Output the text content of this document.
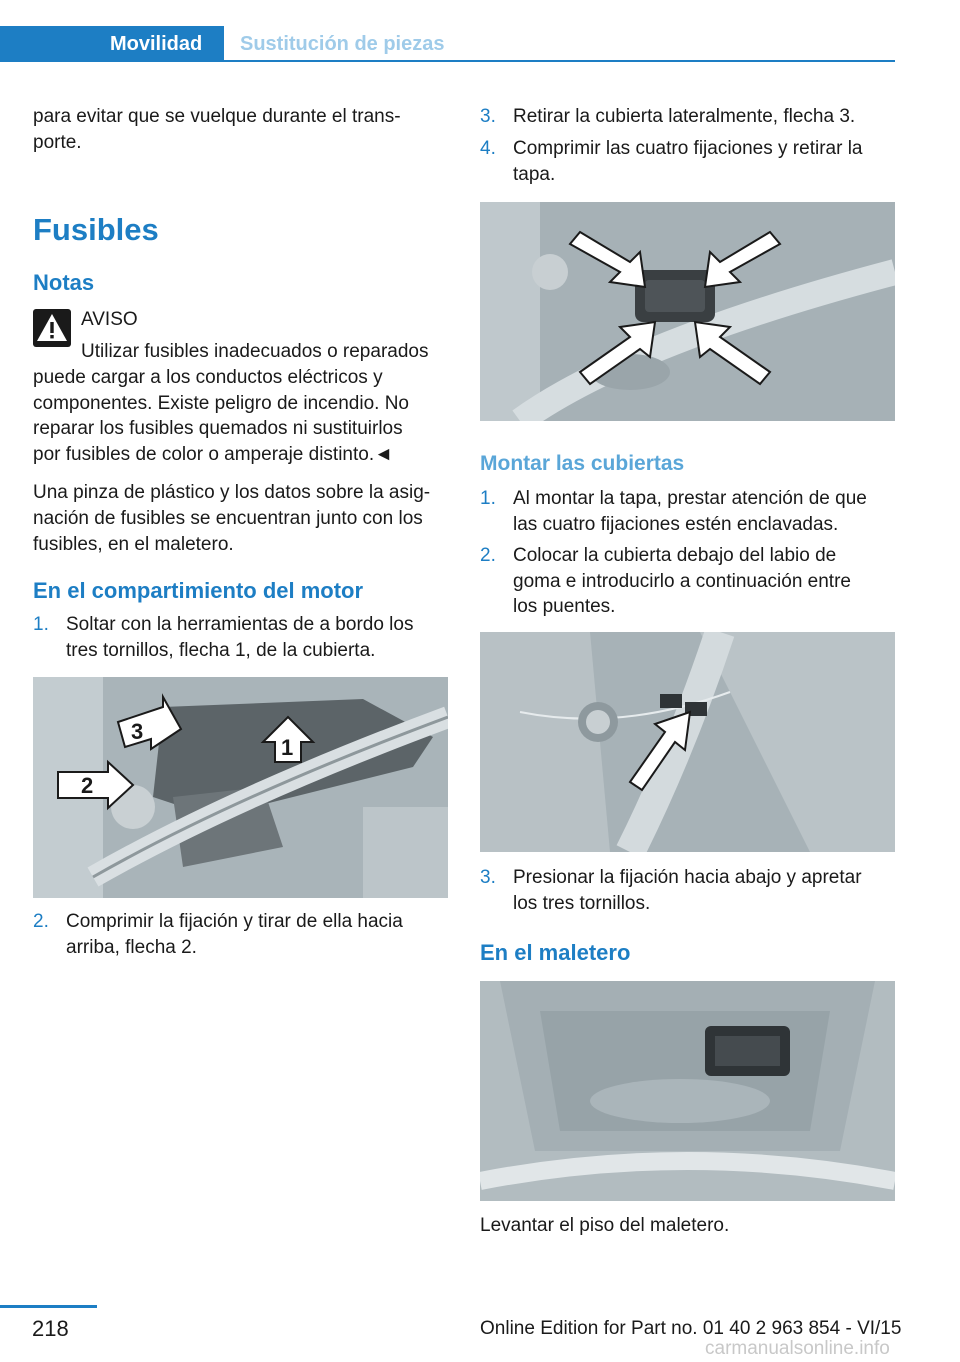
Movilidad Sustitución de piezas
para evitar que se vuelque durante el trans-
porte.
Fusibles
Notas
AVISO
Utilizar fusibles inadecuados o reparados
puede cargar a los conductos eléctricos y
componentes. Existe peligro de incendio. No
reparar los fusibles quemados ni sustituirlos
por fusibles de color o amperaje distinto.◄
Una pinza de plástico y los datos sobre la asig-
nación de fusibles se encuentran junto con los
fusibles, en el maletero.
En el compartimiento del motor
1. Soltar con la herramientas de a bordo los
tres tornillos, flecha 1, de la cubierta.
1
2
3
2. Comprimir la fijación y tirar de ella hacia
arriba, flecha 2.
3. Retirar la cubierta lateralmente, flecha 3.
4. Comprimir las cuatro fijaciones y retirar la
tapa.
Montar las cubiertas
1. Al montar la tapa, prestar atención de que
las cuatro fijaciones estén enclavadas.
2. Colocar la cubierta debajo del labio de
goma e introducirlo a continuación entre
los puentes.
3. Presionar la fijación hacia abajo y apretar
los tres tornillos.
En el maletero
Levantar el piso del maletero.
218	Online Edition for Part no. 01 40 2 963 854 - VI/15
carmanualsonline.info
